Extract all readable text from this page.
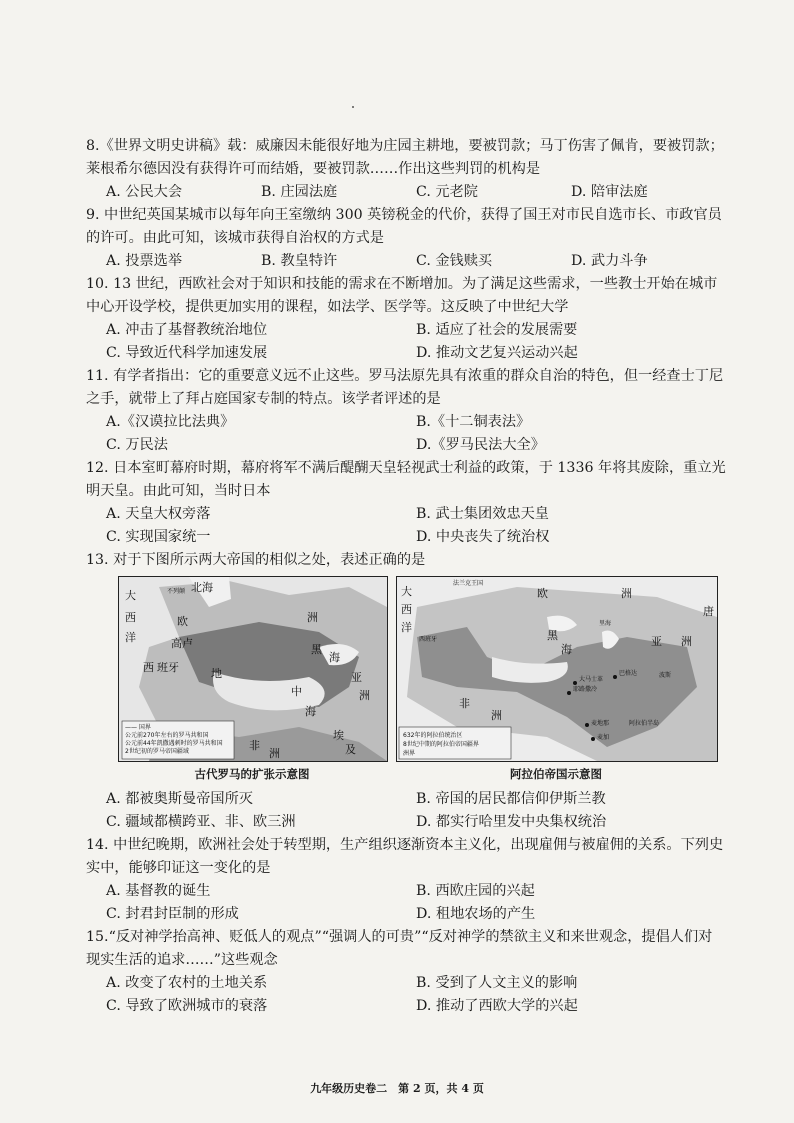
8.《世界文明史讲稿》载：威廉因未能很好地为庄园主耕地，要被罚款；马丁伤害了佩肯，要被罚款；莱根希尔德因没有获得许可而结婚，要被罚款……作出这些判罚的机构是
A. 公民大会	B. 庄园法庭	C. 元老院	D. 陪审法庭
9. 中世纪英国某城市以每年向王室缴纳 300 英镑税金的代价，获得了国王对市民自选市长、市政官员的许可。由此可知，该城市获得自治权的方式是
A. 投票选举	B. 教皇特许	C. 金钱赎买	D. 武力斗争
10. 13 世纪，西欧社会对于知识和技能的需求在不断增加。为了满足这些需求，一些教士开始在城市中心开设学校，提供更加实用的课程，如法学、医学等。这反映了中世纪大学
A. 冲击了基督教统治地位	B. 适应了社会的发展需要
C. 导致近代科学加速发展	D. 推动文艺复兴运动兴起
11. 有学者指出：它的重要意义远不止这些。罗马法原先具有浓重的群众自治的特色，但一经查士丁尼之手，就带上了拜占庭国家专制的特点。该学者评述的是
A.《汉谟拉比法典》	B.《十二铜表法》
C. 万民法	D.《罗马民法大全》
12. 日本室町幕府时期，幕府将军不满后醍醐天皇轻视武士利益的政策，于 1336 年将其废除，重立光明天皇。由此可知，当时日本
A. 天皇大权旁落	B. 武士集团效忠天皇
C. 实现国家统一	D. 中央丧失了统治权
13. 对于下图所示两大帝国的相似之处，表述正确的是
大
西
洋
北海
不列颠
欧
高卢
西 班牙
洲
黑
海
地
中
海
亚
洲
埃
及
非
洲
—— 国界
公元前270年左右的罗马共和国
公元前44年凯撒遇刺时的罗马共和国
2世纪初的罗马帝国疆域
古代罗马的扩张示意图
大
西
洋
欧	洲
唐
西班牙
法兰克王国
黑
海
亚 洲
里海
非
洲
大马士革
耶路撒冷
巴格达
麦地那
麦加
阿拉伯半岛
波斯
632年的阿拉伯统治区
8世纪中期的阿拉伯帝国疆界
洲界
阿拉伯帝国示意图
A. 都被奥斯曼帝国所灭	B. 帝国的居民都信仰伊斯兰教
C. 疆域都横跨亚、非、欧三洲	D. 都实行哈里发中央集权统治
14. 中世纪晚期，欧洲社会处于转型期，生产组织逐渐资本主义化，出现雇佣与被雇佣的关系。下列史实中，能够印证这一变化的是
A. 基督教的诞生	B. 西欧庄园的兴起
C. 封君封臣制的形成	D. 租地农场的产生
15.“反对神学抬高神、贬低人的观点”“强调人的可贵”“反对神学的禁欲主义和来世观念，提倡人们对现实生活的追求……”这些观念
A. 改变了农村的土地关系	B. 受到了人文主义的影响
C. 导致了欧洲城市的衰落	D. 推动了西欧大学的兴起
九年级历史卷二　第 2 页，共 4 页
